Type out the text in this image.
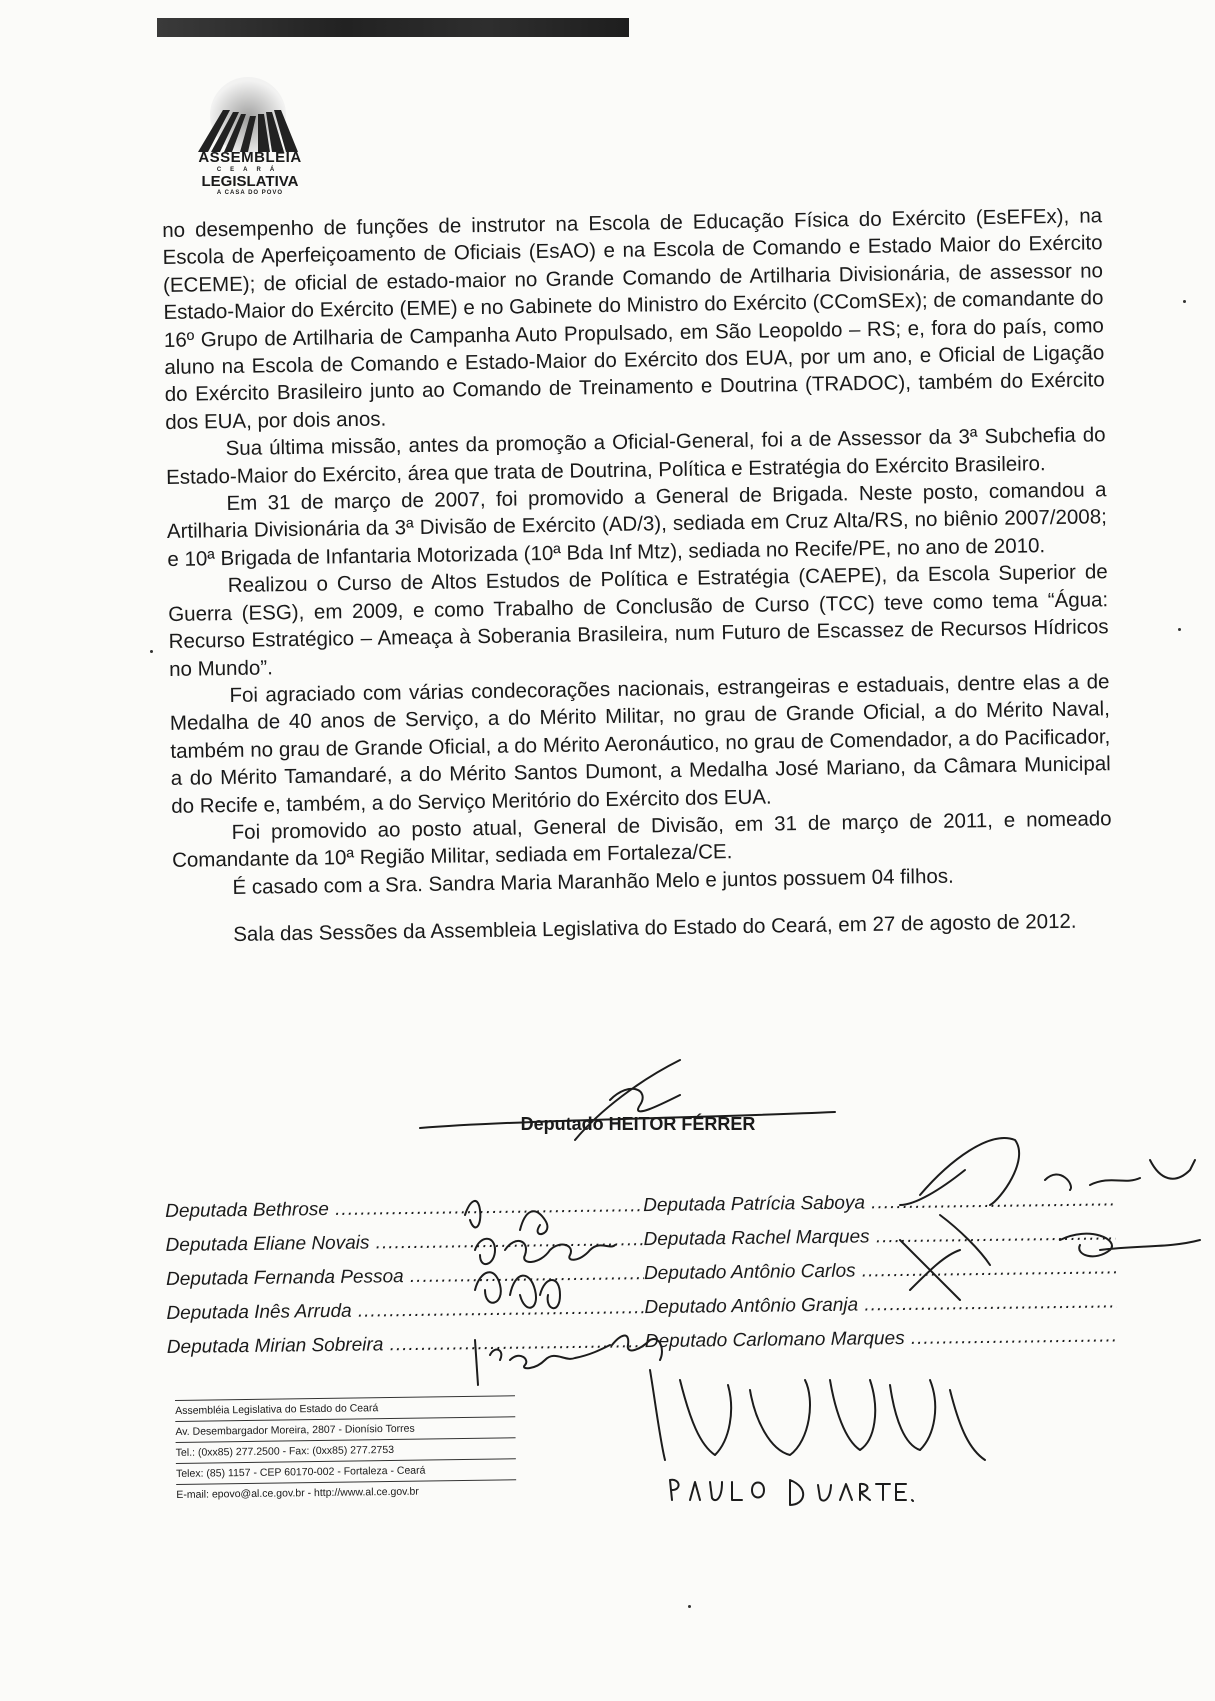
ASSEMBLÉIA
CEARÁ
LEGISLATIVA
A CASA DO POVO

no desempenho de funções de instrutor na Escola de Educação Física do Exército (EsEFEx), na Escola de Aperfeiçoamento de Oficiais (EsAO) e na Escola de Comando e Estado Maior do Exército (ECEME); de oficial de estado-maior no Grande Comando de Artilharia Divisionária, de assessor no Estado-Maior do Exército (EME) e no Gabinete do Ministro do Exército (CComSEx); de comandante do 16º Grupo de Artilharia de Campanha Auto Propulsado, em São Leopoldo – RS; e, fora do país, como aluno na Escola de Comando e Estado-Maior do Exército dos EUA, por um ano, e Oficial de Ligação do Exército Brasileiro junto ao Comando de Treinamento e Doutrina (TRADOC), também do Exército dos EUA, por dois anos.

Sua última missão, antes da promoção a Oficial-General, foi a de Assessor da 3ª Subchefia do Estado-Maior do Exército, área que trata de Doutrina, Política e Estratégia do Exército Brasileiro.

Em 31 de março de 2007, foi promovido a General de Brigada. Neste posto, comandou a Artilharia Divisionária da 3ª Divisão de Exército (AD/3), sediada em Cruz Alta/RS, no biênio 2007/2008; e 10ª Brigada de Infantaria Motorizada (10ª Bda Inf Mtz), sediada no Recife/PE, no ano de 2010.

Realizou o Curso de Altos Estudos de Política e Estratégia (CAEPE), da Escola Superior de Guerra (ESG), em 2009, e como Trabalho de Conclusão de Curso (TCC) teve como tema “Água: Recurso Estratégico – Ameaça à Soberania Brasileira, num Futuro de Escassez de Recursos Hídricos no Mundo”.

Foi agraciado com várias condecorações nacionais, estrangeiras e estaduais, dentre elas a de Medalha de 40 anos de Serviço, a do Mérito Militar, no grau de Grande Oficial, a do Mérito Naval, também no grau de Grande Oficial, a do Mérito Aeronáutico, no grau de Comendador, a do Pacificador, a do Mérito Tamandaré, a do Mérito Santos Dumont, a Medalha José Mariano, da Câmara Municipal do Recife e, também, a do Serviço Meritório do Exército dos EUA.

Foi promovido ao posto atual, General de Divisão, em 31 de março de 2011, e nomeado Comandante da 10ª Região Militar, sediada em Fortaleza/CE.

É casado com a Sra. Sandra Maria Maranhão Melo e juntos possuem 04 filhos.

Sala das Sessões da Assembleia Legislativa do Estado do Ceará, em 27 de agosto de 2012.

Deputado HEITOR FÉRRER
Deputada Bethrose .....	Deputada Patrícia Saboya .....
Deputada Eliane Novais .....	Deputada Rachel Marques .....
Deputada Fernanda Pessoa .....	Deputado Antônio Carlos .....
Deputada Inês Arruda .....	Deputado Antônio Granja .....
Deputada Mirian Sobreira .....	Deputado Carlomano Marques .....
Assembléia Legislativa do Estado do Ceará
Av. Desembargador Moreira, 2807 - Dionísio Torres
Tel.: (0xx85) 277.2500 - Fax: (0xx85) 277.2753
Telex: (85) 1157 - CEP 60170-002 - Fortaleza - Ceará
E-mail: epovo@al.ce.gov.br - http://www.al.ce.gov.br
